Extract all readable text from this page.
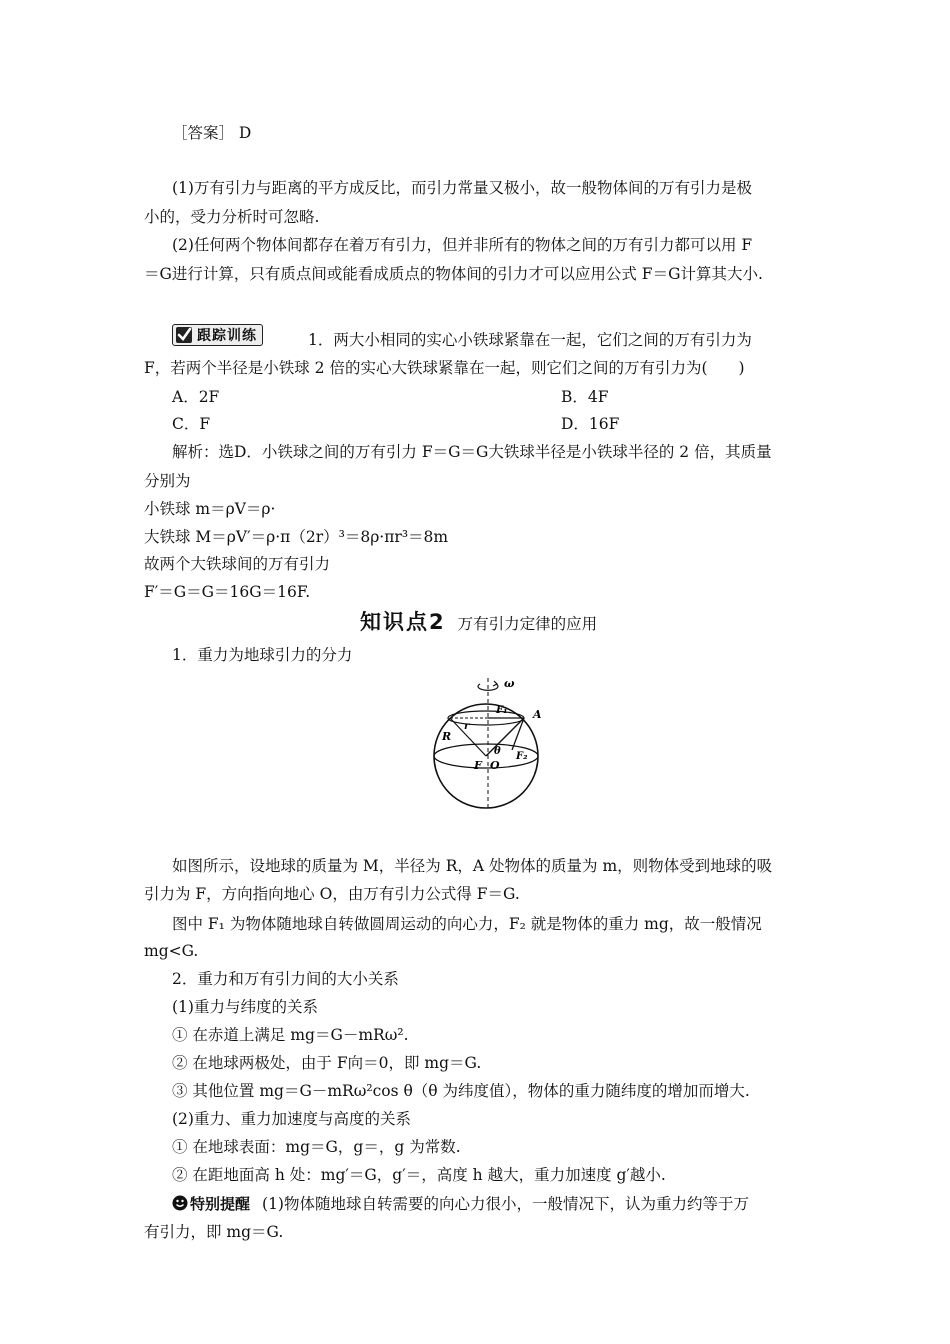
［答案］ D
(1)万有引力与距离的平方成反比，而引力常量又极小，故一般物体间的万有引力是极
小的，受力分析时可忽略.
(2)任何两个物体间都存在着万有引力，但并非所有的物体之间的万有引力都可以用 F
＝G进行计算，只有质点间或能看成质点的物体间的引力才可以应用公式 F＝G计算其大小.
跟踪训练	1．两大小相同的实心小铁球紧靠在一起，它们之间的万有引力为
F，若两个半径是小铁球 2 倍的实心大铁球紧靠在一起，则它们之间的万有引力为(　　)
A．2F	B．4F
C．F	D．16F
解析：选D．小铁球之间的万有引力 F＝G＝G大铁球半径是小铁球半径的 2 倍，其质量
分别为
小铁球 m＝ρV＝ρ·
大铁球 M＝ρV′＝ρ·π（2r）³＝8ρ·πr³＝8m
故两个大铁球间的万有引力
F′＝G＝G＝16G＝16F.
知识点2 万有引力定律的应用
1．重力为地球引力的分力
ω
F₁
r
A
R
θ F₂
F O
如图所示，设地球的质量为 M，半径为 R，A 处物体的质量为 m，则物体受到地球的吸
引力为 F，方向指向地心 O，由万有引力公式得 F＝G.
图中 F₁ 为物体随地球自转做圆周运动的向心力，F₂ 就是物体的重力 mg，故一般情况
mg<G.
2．重力和万有引力间的大小关系
(1)重力与纬度的关系
① 在赤道上满足 mg＝G－mRω².
② 在地球两极处，由于 F向＝0，即 mg＝G.
③ 其他位置 mg＝G－mRω²cos θ（θ 为纬度值），物体的重力随纬度的增加而增大.
(2)重力、重力加速度与高度的关系
① 在地球表面：mg＝G，g＝，g 为常数.
② 在距地面高 h 处：mg′＝G，g′＝，高度 h 越大，重力加速度 g′越小.
特别提醒 (1)物体随地球自转需要的向心力很小，一般情况下，认为重力约等于万
有引力，即 mg＝G.
